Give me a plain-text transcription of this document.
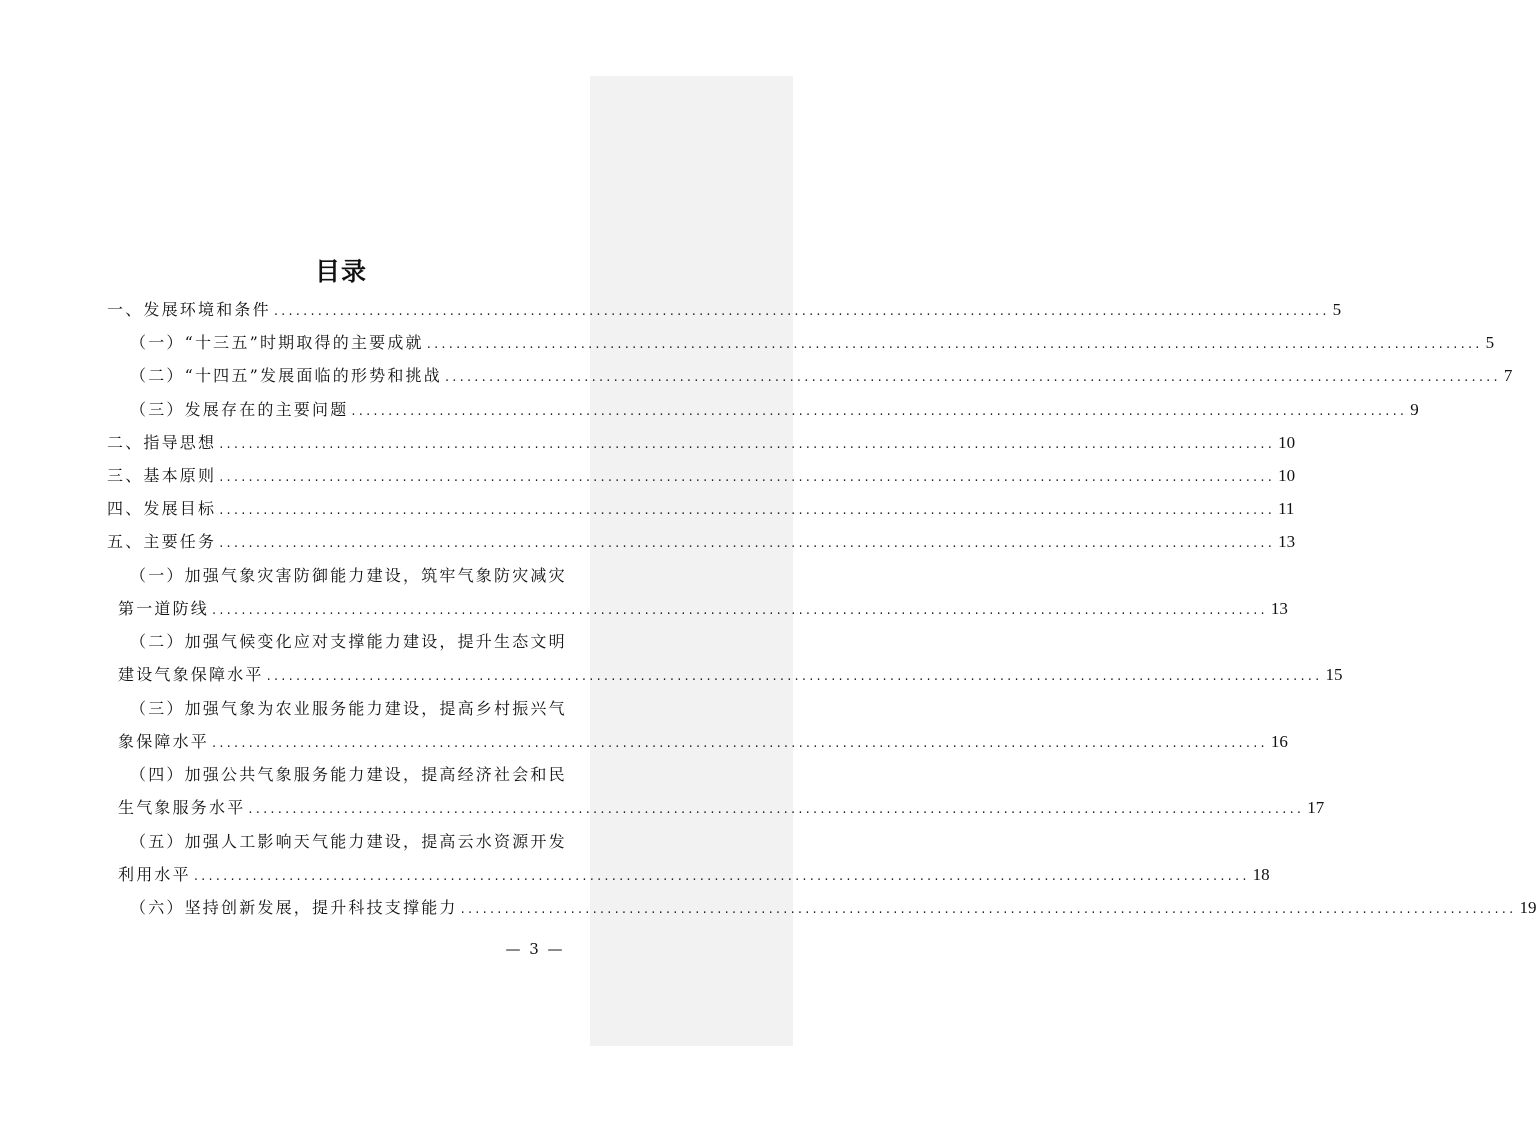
目录
一、发展环境和条件 ................................................................................................................................................ 5
（一）“十三五”时期取得的主要成就 ................................................................................................................................................ 5
（二）“十四五”发展面临的形势和挑战 ................................................................................................................................................ 7
（三）发展存在的主要问题 ................................................................................................................................................ 9
二、指导思想 ................................................................................................................................................ 10
三、基本原则 ................................................................................................................................................ 10
四、发展目标 ................................................................................................................................................ 11
五、主要任务 ................................................................................................................................................ 13
（一）加强气象灾害防御能力建设，筑牢气象防灾减灾
第一道防线 ................................................................................................................................................ 13
（二）加强气候变化应对支撑能力建设，提升生态文明
建设气象保障水平 ................................................................................................................................................ 15
（三）加强气象为农业服务能力建设，提高乡村振兴气
象保障水平 ................................................................................................................................................ 16
（四）加强公共气象服务能力建设，提高经济社会和民
生气象服务水平 ................................................................................................................................................ 17
（五）加强人工影响天气能力建设，提高云水资源开发
利用水平 ................................................................................................................................................ 18
（六）坚持创新发展，提升科技支撑能力 ................................................................................................................................................ 19
— 3 —
